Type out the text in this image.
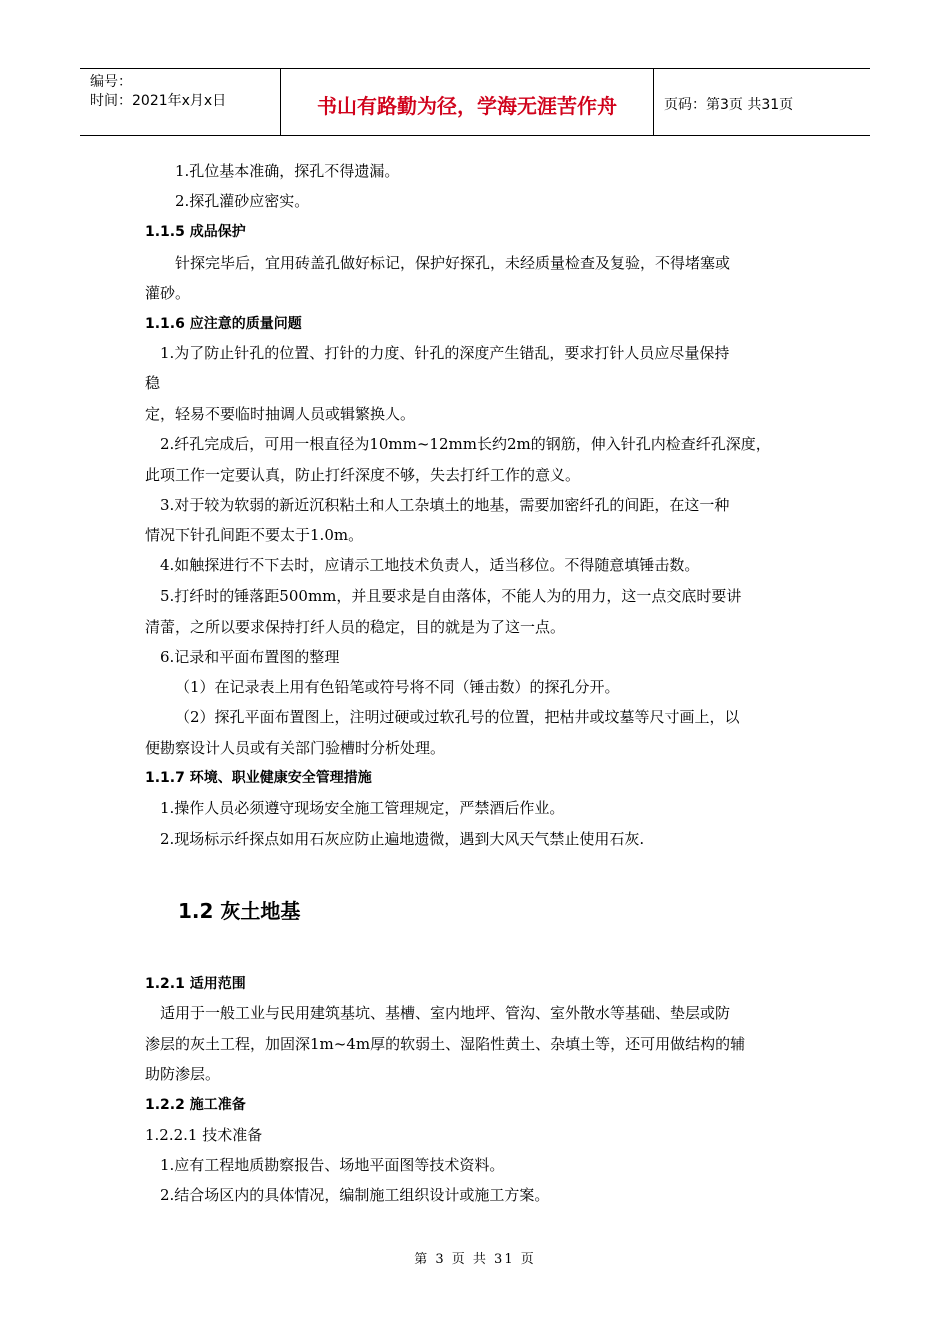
编号：
时间：2021年x月x日	书山有路勤为径，学海无涯苦作舟	页码：第3页 共31页
1.孔位基本准确，探孔不得遗漏。
2.探孔灌砂应密实。
1.1.5 成品保护
针探完毕后，宜用砖盖孔做好标记，保护好探孔，未经质量检查及复验，不得堵塞或
灌砂。
1.1.6 应注意的质量问题
1.为了防止针孔的位置、打针的力度、针孔的深度产生错乱，要求打针人员应尽量保持
稳
定，轻易不要临时抽调人员或辑繁换人。
2.纤孔完成后，可用一根直径为10mm~12mm长约2m的钢筋，伸入针孔内检查纤孔深度，
此项工作一定要认真，防止打纤深度不够，失去打纤工作的意义。
3.对于较为软弱的新近沉积粘土和人工杂填土的地基，需要加密纤孔的间距，在这一种
情况下针孔间距不要太于1.0m。
4.如触探进行不下去时，应请示工地技术负责人，适当移位。不得随意填锤击数。
5.打纤时的锤落距500mm，并且要求是自由落体，不能人为的用力，这一点交底时要讲
清蕾，之所以要求保持打纤人员的稳定，目的就是为了这一点。
6.记录和平面布置图的整理
（1）在记录表上用有色铅笔或符号将不同（锤击数）的探孔分开。
（2）探孔平面布置图上，注明过硬或过软孔号的位置，把枯井或坟墓等尺寸画上，以
便勘察设计人员或有关部门验槽时分析处理。
1.1.7 环境、职业健康安全管理措施
1.操作人员必须遵守现场安全施工管理规定，严禁酒后作业。
2.现场标示纤探点如用石灰应防止遍地遗微，遇到大风天气禁止使用石灰.
1.2 灰土地基
1.2.1 适用范围
适用于一般工业与民用建筑基坑、基槽、室内地坪、管沟、室外散水等基础、垫层或防
渗层的灰土工程，加固深1m~4m厚的软弱土、湿陷性黄土、杂填土等，还可用做结构的辅
助防渗层。
1.2.2 施工准备
1.2.2.1 技术准备
1.应有工程地质勘察报告、场地平面图等技术资料。
2.结合场区内的具体情况，编制施工组织设计或施工方案。
第 3 页 共 31 页
